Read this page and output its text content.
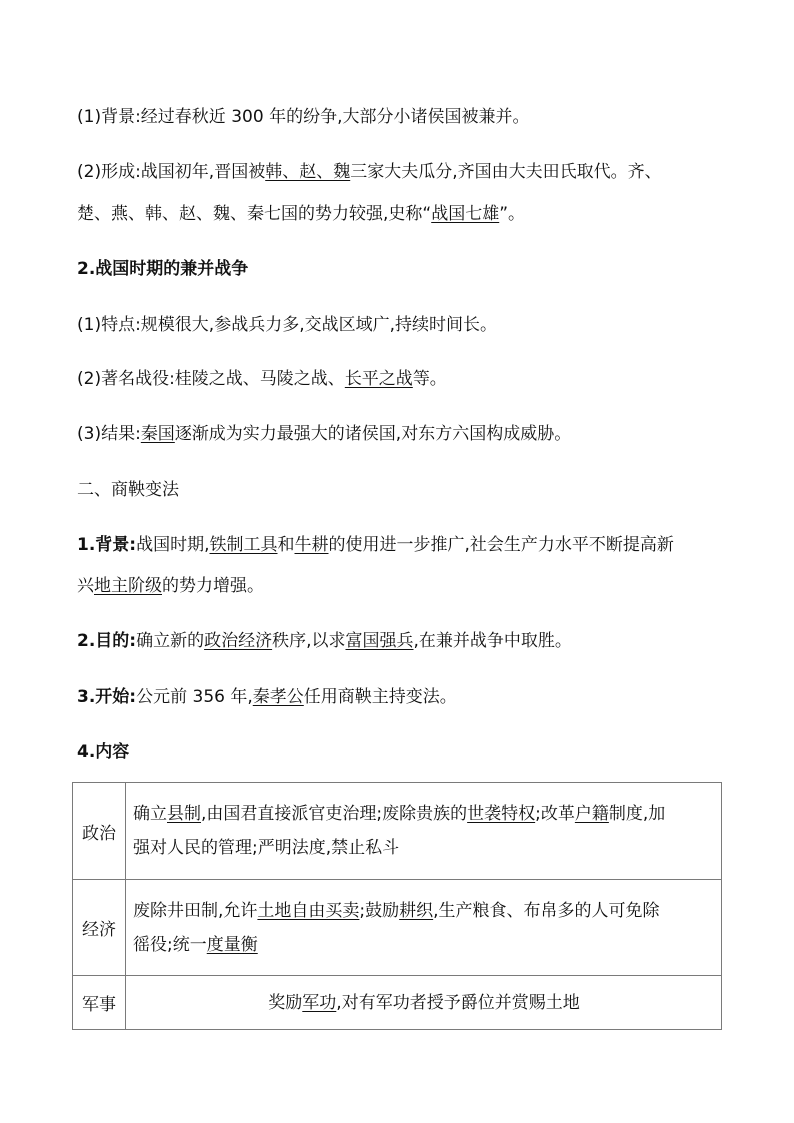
(1)背景:经过春秋近 300 年的纷争,大部分小诸侯国被兼并。

(2)形成:战国初年,晋国被韩、赵、魏三家大夫瓜分,齐国由大夫田氏取代。齐、

楚、燕、韩、赵、魏、秦七国的势力较强,史称“战国七雄”。

2.战国时期的兼并战争

(1)特点:规模很大,参战兵力多,交战区域广,持续时间长。

(2)著名战役:桂陵之战、马陵之战、长平之战等。

(3)结果:秦国逐渐成为实力最强大的诸侯国,对东方六国构成威胁。

二、商鞅变法

1.背景:战国时期,铁制工具和牛耕的使用进一步推广,社会生产力水平不断提高新

兴地主阶级的势力增强。

2.目的:确立新的政治经济秩序,以求富国强兵,在兼并战争中取胜。

3.开始:公元前 356 年,秦孝公任用商鞅主持变法。

4.内容

政治	确立县制,由国君直接派官吏治理;废除贵族的世袭特权;改革户籍制度,加
强对人民的管理;严明法度,禁止私斗
经济	废除井田制,允许土地自由买卖;鼓励耕织,生产粮食、布帛多的人可免除
徭役;统一度量衡
军事	奖励军功,对有军功者授予爵位并赏赐土地
